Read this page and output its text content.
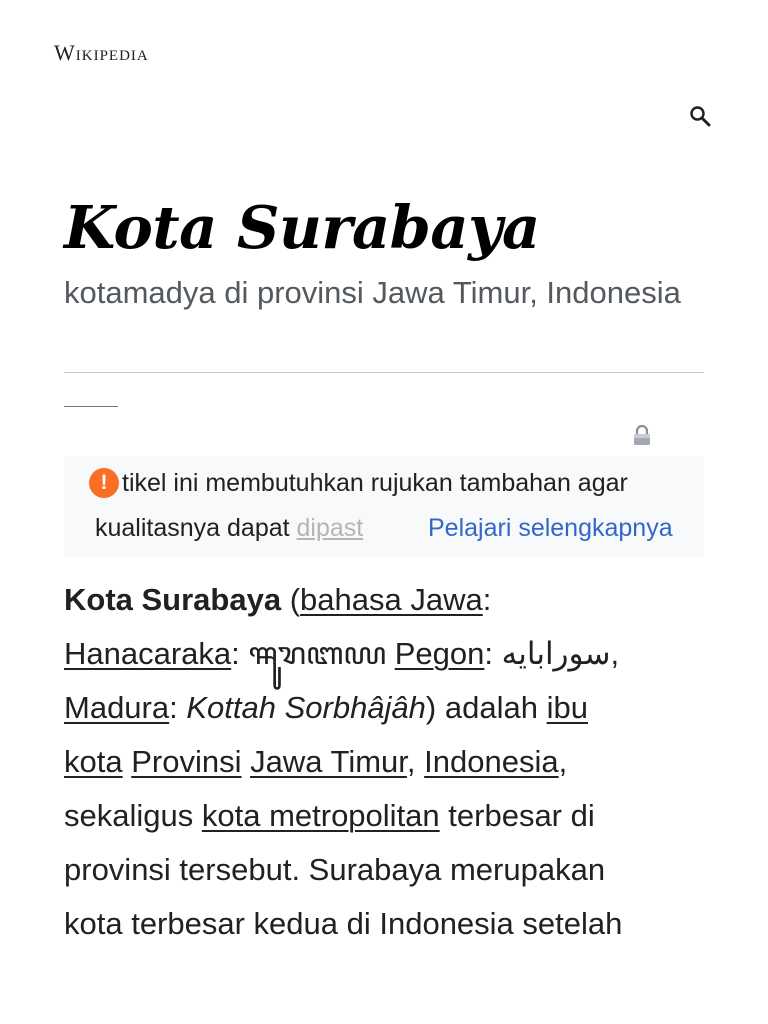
Wikipedia
Kota Surabaya
kotamadya di provinsi Jawa Timur, Indonesia
! tikel ini membutuhkan rujukan tambahan agar
kualitasnya dapat dipast	Pelajari selengkapnya
Kota Surabaya (bahasa Jawa:
Hanacaraka: ꦯꦸꦫꦧꦪ Pegon: سورابايه,
Madura: Kottah Sorbhâjâh) adalah ibu
kota Provinsi Jawa Timur, Indonesia,
sekaligus kota metropolitan terbesar di
provinsi tersebut. Surabaya merupakan
kota terbesar kedua di Indonesia setelah
